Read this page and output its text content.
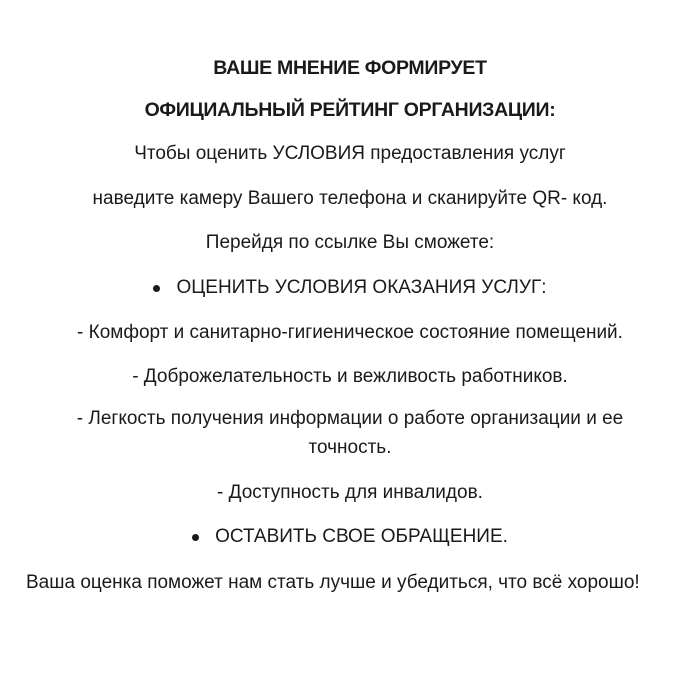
ВАШЕ МНЕНИЕ ФОРМИРУЕТ
ОФИЦИАЛЬНЫЙ РЕЙТИНГ ОРГАНИЗАЦИИ:
Чтобы оценить УСЛОВИЯ предоставления услуг
наведите камеру Вашего телефона и сканируйте QR- код.
Перейдя по ссылке Вы сможете:
ОЦЕНИТЬ УСЛОВИЯ ОКАЗАНИЯ УСЛУГ:
- Комфорт и санитарно-гигиеническое состояние помещений.
- Доброжелательность и вежливость работников.
- Легкость получения информации о работе организации и ее
точность.
- Доступность для инвалидов.
ОСТАВИТЬ СВОЕ ОБРАЩЕНИЕ.
Ваша оценка поможет нам стать лучше и убедиться, что всё хорошо!
